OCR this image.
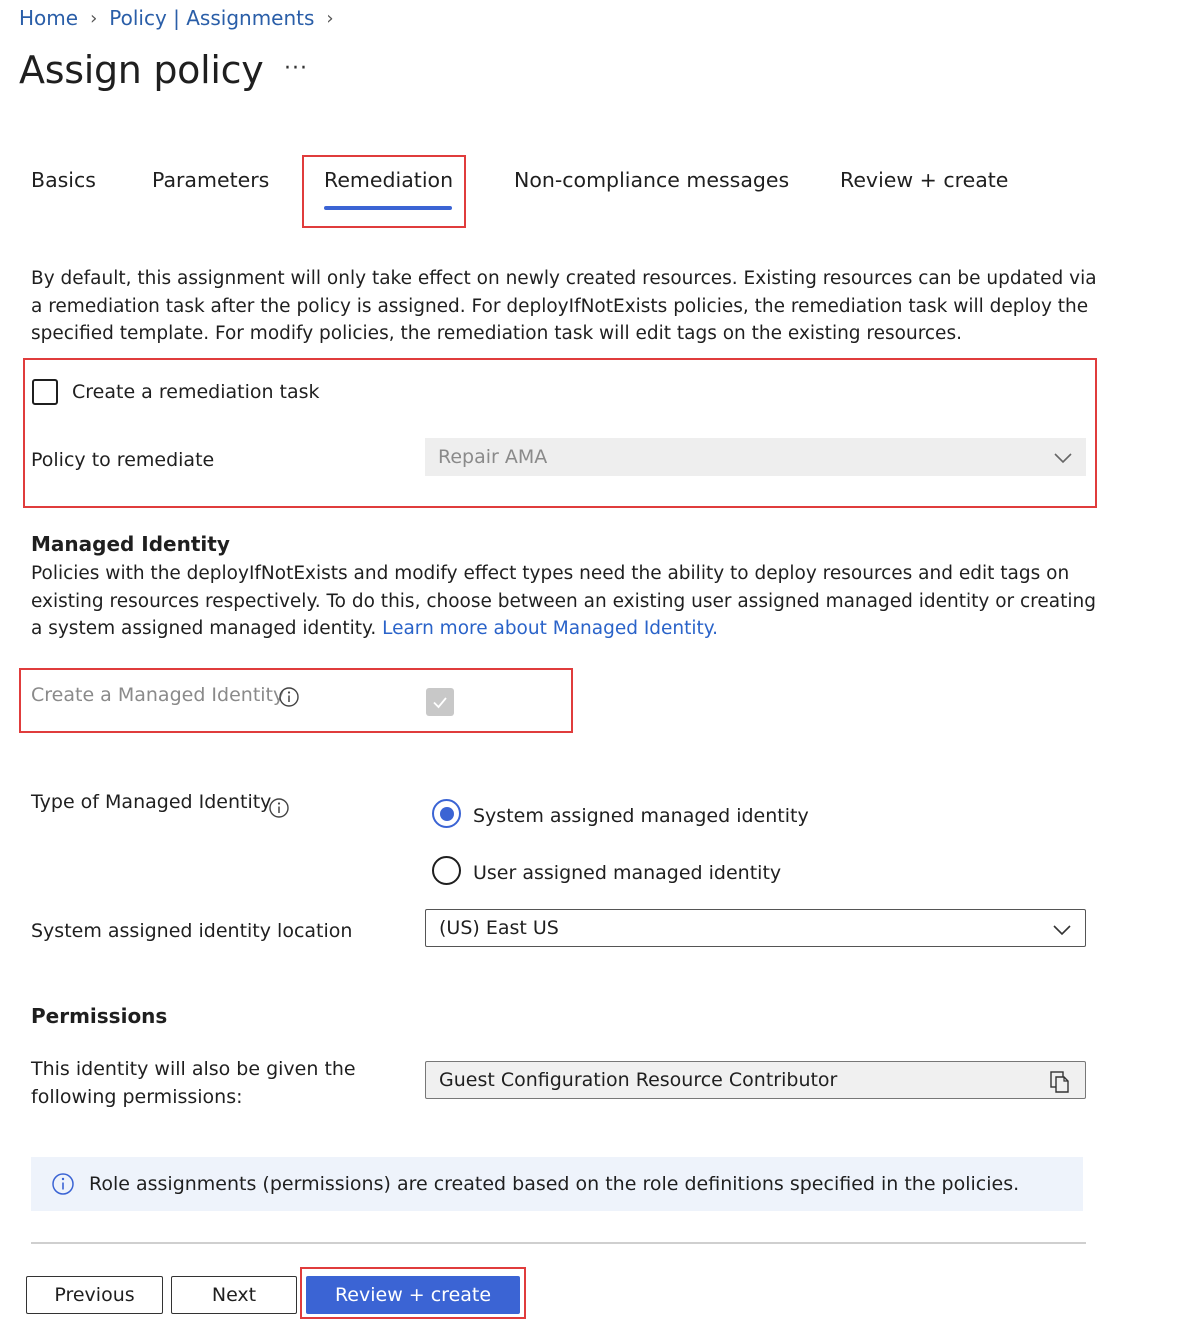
Home › Policy | Assignments ›
Assign policy ···
Basics	Parameters	Remediation	Non-compliance messages Review + create
By default, this assignment will only take effect on newly created resources. Existing resources can be updated via a remediation task after the policy is assigned. For deployIfNotExists policies, the remediation task will deploy the specified template. For modify policies, the remediation task will edit tags on the existing resources.
Create a remediation task
Policy to remediate	Repair AMA
Managed Identity
Policies with the deployIfNotExists and modify effect types need the ability to deploy resources and edit tags on existing resources respectively. To do this, choose between an existing user assigned managed identity or creating a system assigned managed identity. Learn more about Managed Identity.
Create a Managed Identity
Type of Managed Identity
System assigned managed identity
User assigned managed identity
System assigned identity location	(US) East US
Permissions
This identity will also be given the following permissions:
Guest Configuration Resource Contributor
Role assignments (permissions) are created based on the role definitions specified in the policies.
Previous	Next	Review + create
